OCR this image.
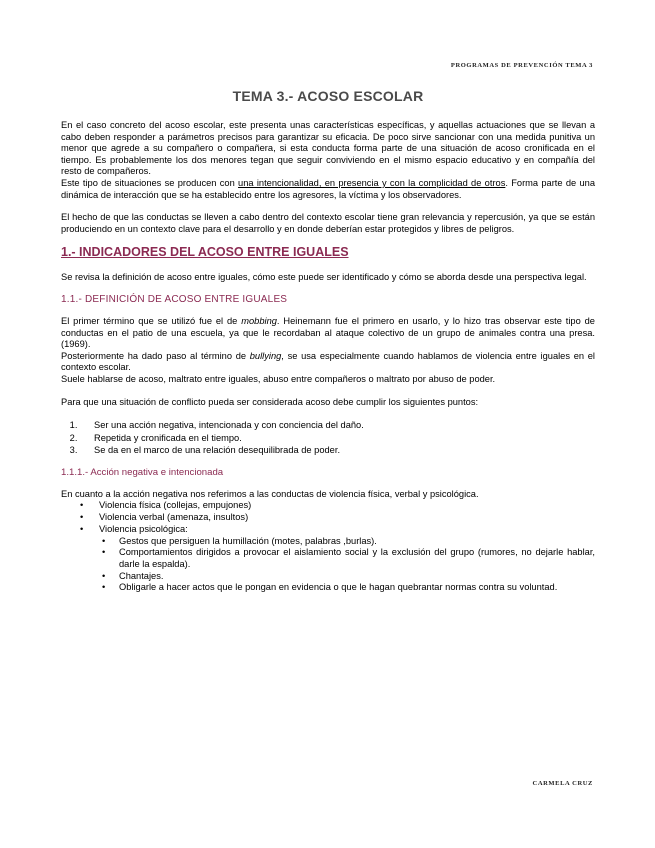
PROGRAMAS DE PREVENCIÓN TEMA 3
TEMA 3.- ACOSO ESCOLAR

En el caso concreto del acoso escolar, este presenta unas características específicas, y aquellas actuaciones que se llevan a cabo deben responder a parámetros precisos para garantizar su eficacia. De poco sirve sancionar con una medida punitiva un menor que agrede a su compañero o compañera, si esta conducta forma parte de una situación de acoso cronificada en el tiempo. Es probablemente los dos menores tegan que seguir conviviendo en el mismo espacio educativo y en compañía del resto de compañeros.

Este tipo de situaciones se producen con una intencionalidad, en presencia y con la complicidad de otros. Forma parte de una dinámica de interacción que se ha establecido entre los agresores, la víctima y los observadores.

El hecho de que las conductas se lleven a cabo dentro del contexto escolar tiene gran relevancia y repercusión, ya que se están produciendo en un contexto clave para el desarrollo y en donde deberían estar protegidos y libres de peligros.

1.- INDICADORES DEL ACOSO ENTRE IGUALES

Se revisa la definición de acoso entre iguales, cómo este puede ser identificado y cómo se aborda desde una perspectiva legal.

1.1.- DEFINICIÓN DE ACOSO ENTRE IGUALES

El primer término que se utilizó fue el de mobbing. Heinemann fue el primero en usarlo, y lo hizo tras observar este tipo de conductas en el patio de una escuela, ya que le recordaban al ataque colectivo de un grupo de animales contra una presa. (1969).

Posteriormente ha dado paso al término de bullying, se usa especialmente cuando hablamos de violencia entre iguales en el contexto escolar.

Suele hablarse de acoso, maltrato entre iguales, abuso entre compañeros o maltrato por abuso de poder.

Para que una situación de conflicto pueda ser considerada acoso debe cumplir los siguientes puntos:

1. Ser una acción negativa, intencionada y con conciencia del daño.
2. Repetida y cronificada en el tiempo.
3. Se da en el marco de una relación desequilibrada de poder.
1.1.1.- Acción negativa e intencionada

En cuanto a la acción negativa nos referimos a las conductas de violencia física, verbal y psicológica.

• Violencia física (collejas, empujones)
• Violencia verbal (amenaza, insultos)
• Violencia psicológica:
• Gestos que persiguen la humillación (motes, palabras ,burlas).
• Comportamientos dirigidos a provocar el aislamiento social y la exclusión del grupo (rumores, no dejarle hablar, darle la espalda).
• Chantajes.
• Obligarle a hacer actos que le pongan en evidencia o que le hagan quebrantar normas contra su voluntad.
CARMELA CRUZ
